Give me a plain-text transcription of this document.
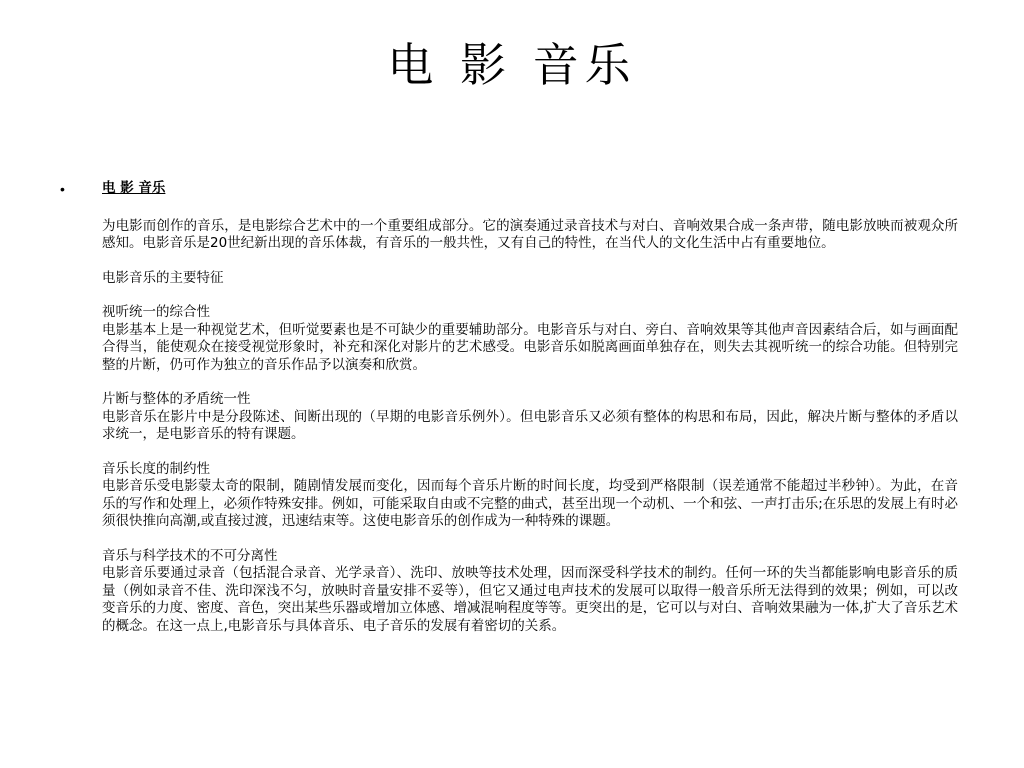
电 影 音乐
•	电 影 音乐

为电影而创作的音乐，是电影综合艺术中的一个重要组成部分。它的演奏通过录音技术与对白、音响效果合成一条声带，随电影放映而被观众所感知。电影音乐是20世纪新出现的音乐体裁，有音乐的一般共性，又有自己的特性，在当代人的文化生活中占有重要地位。

电影音乐的主要特征

视听统一的综合性

电影基本上是一种视觉艺术，但听觉要素也是不可缺少的重要辅助部分。电影音乐与对白、旁白、音响效果等其他声音因素结合后，如与画面配合得当，能使观众在接受视觉形象时，补充和深化对影片的艺术感受。电影音乐如脱离画面单独存在，则失去其视听统一的综合功能。但特别完整的片断，仍可作为独立的音乐作品予以演奏和欣赏。

片断与整体的矛盾统一性

电影音乐在影片中是分段陈述、间断出现的（早期的电影音乐例外）。但电影音乐又必须有整体的构思和布局，因此，解决片断与整体的矛盾以求统一，是电影音乐的特有课题。

音乐长度的制约性

电影音乐受电影蒙太奇的限制，随剧情发展而变化，因而每个音乐片断的时间长度，均受到严格限制（误差通常不能超过半秒钟）。为此，在音乐的写作和处理上，必须作特殊安排。例如，可能采取自由或不完整的曲式，甚至出现一个动机、一个和弦、一声打击乐;在乐思的发展上有时必须很快推向高潮,或直接过渡，迅速结束等。这使电影音乐的创作成为一种特殊的课题。

音乐与科学技术的不可分离性

电影音乐要通过录音（包括混合录音、光学录音）、洗印、放映等技术处理，因而深受科学技术的制约。任何一环的失当都能影响电影音乐的质量（例如录音不佳、洗印深浅不匀，放映时音量安排不妥等），但它又通过电声技术的发展可以取得一般音乐所无法得到的效果；例如，可以改变音乐的力度、密度、音色，突出某些乐器或增加立体感、增减混响程度等等。更突出的是，它可以与对白、音响效果融为一体,扩大了音乐艺术的概念。在这一点上,电影音乐与具体音乐、电子音乐的发展有着密切的关系。
